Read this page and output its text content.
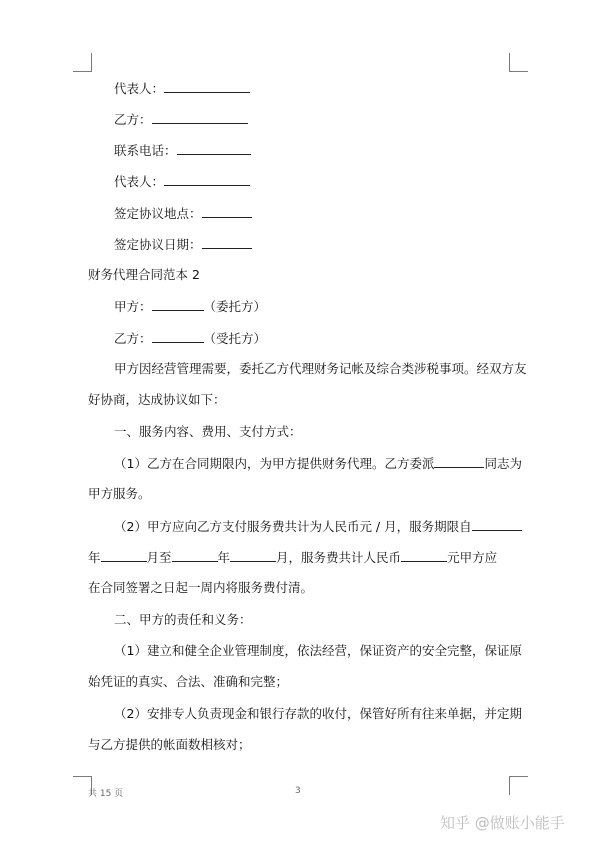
代表人：
乙方：
联系电话：
代表人：
签定协议地点：
签定协议日期：
财务代理合同范本 2
甲方：	（委托方）
乙方：	（受托方）
甲方因经营管理需要，委托乙方代理财务记帐及综合类涉税事项。经双方友
好协商，达成协议如下：
一、服务内容、费用、支付方式：
（1）乙方在合同期限内，为甲方提供财务代理。乙方委派	同志为
甲方服务。
（2）甲方应向乙方支付服务费共计为人民币元 / 月，服务期限自
年	月至	年	月，服务费共计人民币	元甲方应
在合同签署之日起一周内将服务费付清。
二、甲方的责任和义务：
（1）建立和健全企业管理制度，依法经营，保证资产的安全完整，保证原
始凭证的真实、合法、准确和完整；
（2）安排专人负责现金和银行存款的收付，保管好所有往来单据，并定期
与乙方提供的帐面数相核对；
共 15 页	3
知乎 @做账小能手
